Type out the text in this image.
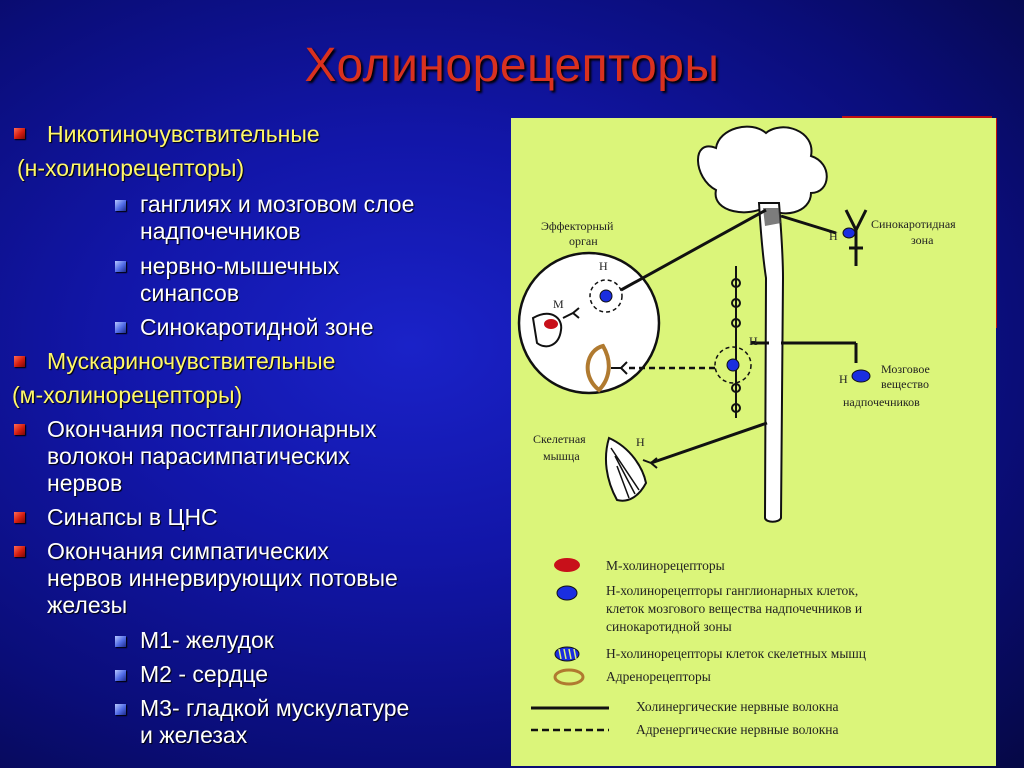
Холинорецепторы
Никотиночувствительные
(н-холинорецепторы)
ганглиях и мозговом слое
надпочечников
нервно-мышечных
синапсов
Синокаротидной зоне
Мускариночувствительные
(м-холинорецепторы)
Окончания постганглионарных
волокон парасимпатических
нервов
Синапсы в ЦНС
Окончания симпатических
нервов иннервирующих потовые
железы
М1- желудок
М2 - сердце
М3- гладкой мускулатуре
и железах
Эффекторный
орган
Синокаротидная
зона
Мозговое
вещество
надпочечников
Скелетная
мышца
Н
Н
М
Н
Н
Н
М-холинорецепторы
Н-холинорецепторы ганглионарных клеток,
клеток мозгового вещества надпочечников и
синокаротидной зоны
Н-холинорецепторы клеток скелетных мышц
Адренорецепторы
Холинергические нервные волокна
Адренергические нервные волокна
